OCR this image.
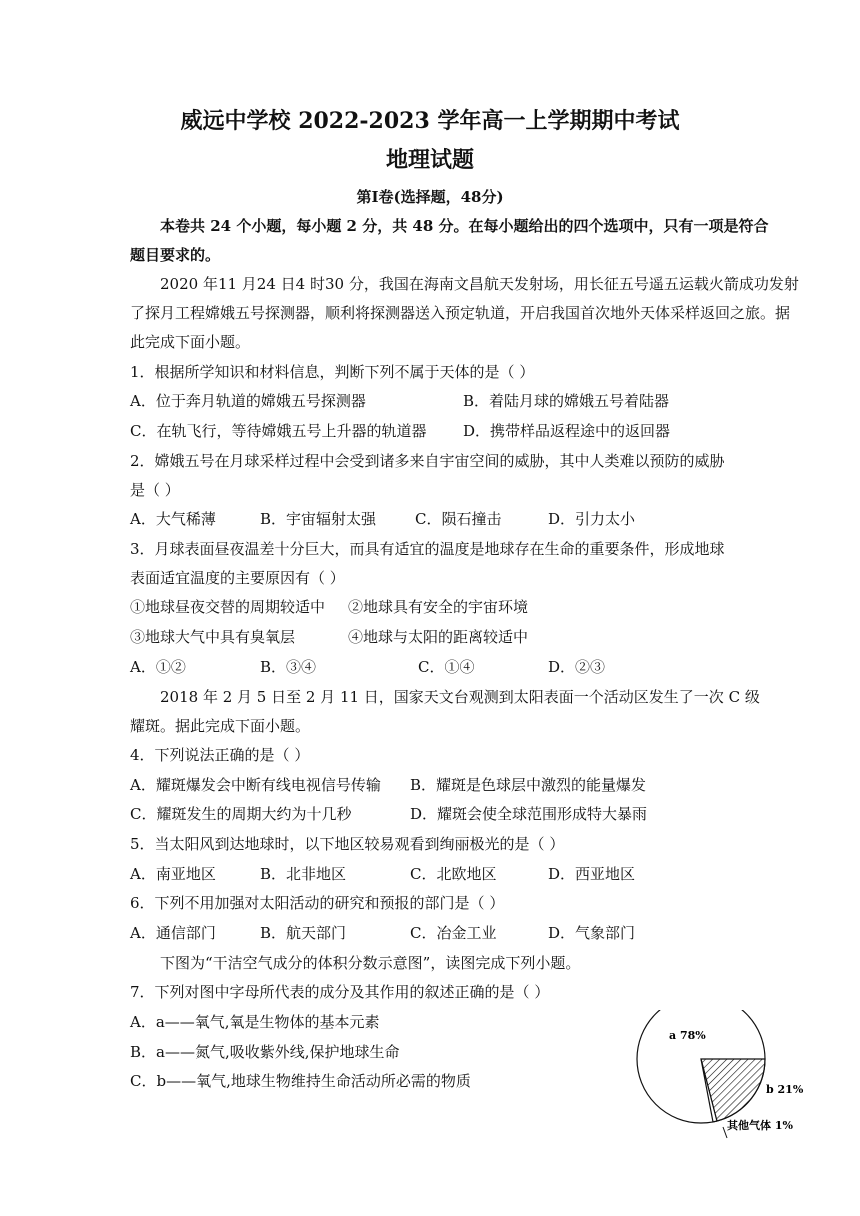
威远中学校 2022-2023 学年高一上学期期中考试
地理试题
第Ⅰ卷(选择题，48分)
本卷共 24 个小题，每小题 2 分，共 48 分。在每小题给出的四个选项中，只有一项是符合
题目要求的。
2020 年11 月24 日4 时30 分，我国在海南文昌航天发射场，用长征五号遥五运载火箭成功发射
了探月工程嫦娥五号探测器，顺利将探测器送入预定轨道，开启我国首次地外天体采样返回之旅。据
此完成下面小题。
1．根据所学知识和材料信息，判断下列不属于天体的是（ ）
A．位于奔月轨道的嫦娥五号探测器	B．着陆月球的嫦娥五号着陆器
C．在轨飞行，等待嫦娥五号上升器的轨道器 D．携带样品返程途中的返回器
2．嫦娥五号在月球采样过程中会受到诸多来自宇宙空间的威胁，其中人类难以预防的威胁
是（ ）
A．大气稀薄	B．宇宙辐射太强	C．陨石撞击	D．引力太小
3．月球表面昼夜温差十分巨大，而具有适宜的温度是地球存在生命的重要条件，形成地球
表面适宜温度的主要原因有（ ）
①地球昼夜交替的周期较适中 ②地球具有安全的宇宙环境
③地球大气中具有臭氧层	④地球与太阳的距离较适中
A．①②	B．③④	C．①④	D．②③
2018 年 2 月 5 日至 2 月 11 日，国家天文台观测到太阳表面一个活动区发生了一次 C 级
耀斑。据此完成下面小题。
4．下列说法正确的是（ ）
A．耀斑爆发会中断有线电视信号传输 B．耀斑是色球层中激烈的能量爆发
C．耀斑发生的周期大约为十几秒	D．耀斑会使全球范围形成特大暴雨
5．当太阳风到达地球时，以下地区较易观看到绚丽极光的是（ ）
A．南亚地区	B．北非地区	C．北欧地区	D．西亚地区
6．下列不用加强对太阳活动的研究和预报的部门是（ ）
A．通信部门	B．航天部门	C．冶金工业	D．气象部门
下图为“干洁空气成分的体积分数示意图”，读图完成下列小题。
7．下列对图中字母所代表的成分及其作用的叙述正确的是（ ）
A．a——氧气,氧是生物体的基本元素
B．a——氮气,吸收紫外线,保护地球生命
C．b——氧气,地球生物维持生命活动所必需的物质
a 78%
b 21%
其他气体 1%
